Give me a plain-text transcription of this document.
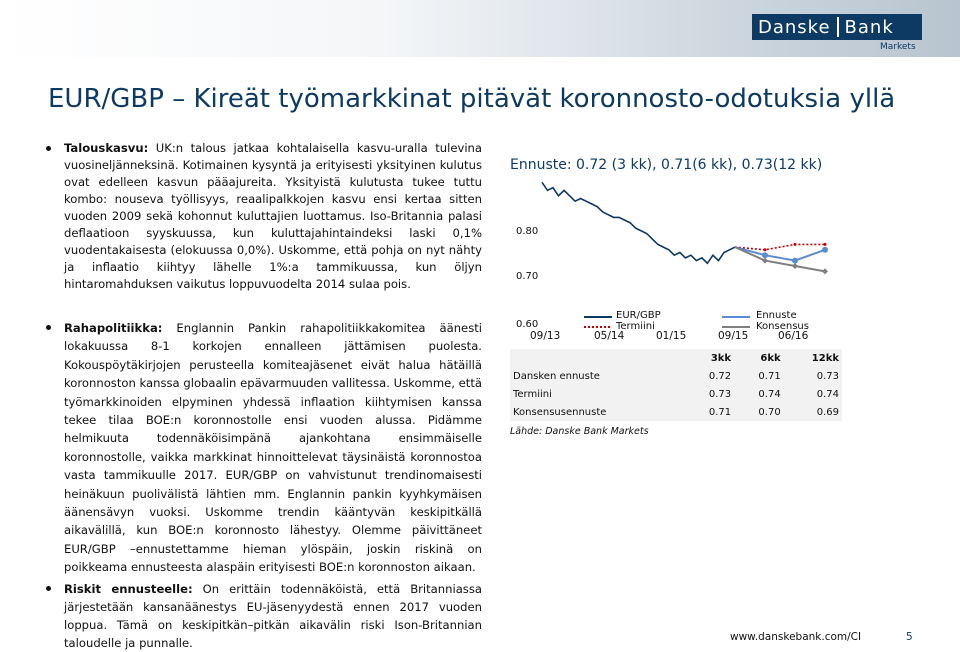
Danske Bank
Markets
EUR/GBP – Kireät työmarkkinat pitävät koronnosto-odotuksia yllä
Talouskasvu: UK:n talous jatkaa kohtalaisella kasvu-uralla tulevina vuosineljänneksinä. Kotimainen kysyntä ja erityisesti yksityinen kulutus ovat edelleen kasvun pääajureita. Yksityistä kulutusta tukee tuttu kombo: nouseva työllisyys, reaalipalkkojen kasvu ensi kertaa sitten vuoden 2009 sekä kohonnut kuluttajien luottamus. Iso-Britannia palasi deflaatioon syyskuussa, kun kuluttajahintaindeksi laski 0,1% vuodentakaisesta (elokuussa 0,0%). Uskomme, että pohja on nyt nähty ja inflaatio kiihtyy lähelle 1%:a tammikuussa, kun öljyn hintaromahduksen vaikutus loppuvuodelta 2014 sulaa pois.
Rahapolitiikka: Englannin Pankin rahapolitiikkakomitea äänesti lokakuussa 8-1 korkojen ennalleen jättämisen puolesta. Kokouspöytäkirjojen perusteella komiteajäsenet eivät halua hätäillä koronnoston kanssa globaalin epävarmuuden vallitessa. Uskomme, että työmarkkinoiden elpyminen yhdessä inflaation kiihtymisen kanssa tekee tilaa BOE:n koronnostolle ensi vuoden alussa. Pidämme helmikuuta todennäköisimpänä ajankohtana ensimmäiselle koronnostolle, vaikka markkinat hinnoittelevat täysinäistä koronnostoa vasta tammikuulle 2017. EUR/GBP on vahvistunut trendinomaisesti heinäkuun puolivälistä lähtien mm. Englannin pankin kyyhkymäisen äänensävyn vuoksi. Uskomme trendin kääntyvän keskipitkällä aikavälillä, kun BOE:n koronnosto lähestyy. Olemme päivittäneet EUR/GBP –ennustettamme hieman ylöspäin, joskin riskinä on poikkeama ennusteesta alaspäin erityisesti BOE:n koronnoston aikaan.
Riskit ennusteelle: On erittäin todennäköistä, että Britanniassa järjestetään kansanäänestys EU-jäsenyydestä ennen 2017 vuoden loppua. Tämä on keskipitkän–pitkän aikavälin riski Ison-Britannian taloudelle ja punnalle.
Ennuste: 0.72 (3 kk), 0.71(6 kk), 0.73(12 kk)
0.80
0.70
0.60
EUR/GBP
Termiini
Ennuste
Konsensus
09/13	05/14	01/15	09/15	06/16
	3kk	6kk	12kk
Dansken ennuste	0.72	0.71	0.73
Termiini	0.73	0.74	0.74
Konsensusennuste	0.71	0.70	0.69
Lähde: Danske Bank Markets
www.danskebank.com/CI	5
